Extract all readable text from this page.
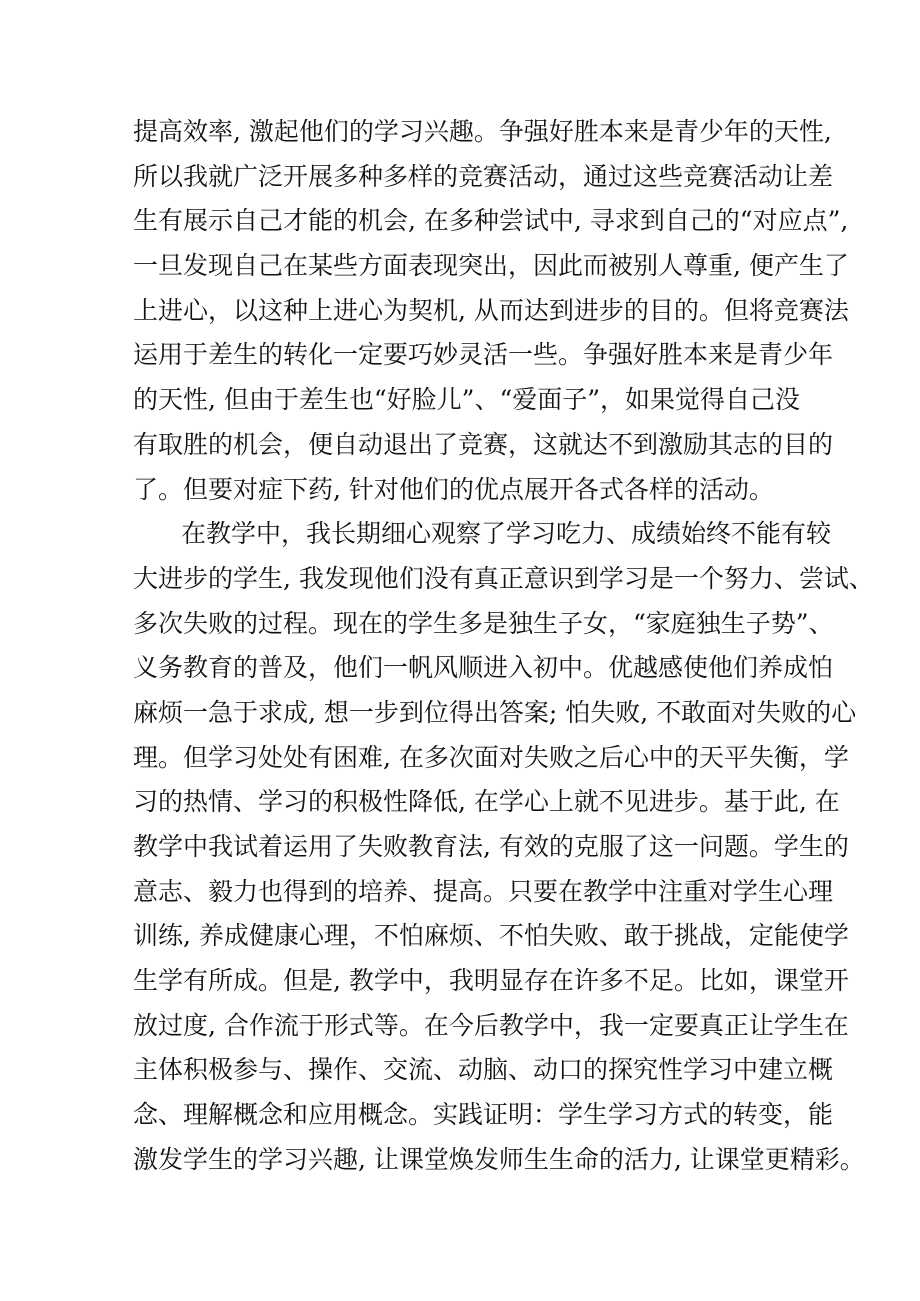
提高效率, 激起他们的学习兴趣。争强好胜本来是青少年的天性,
所以我就广泛开展多种多样的竞赛活动，通过这些竞赛活动让差
生有展示自己才能的机会, 在多种尝试中, 寻求到自己的“对应点”,
一旦发现自己在某些方面表现突出，因此而被别人尊重, 便产生了
上进心，以这种上进心为契机, 从而达到进步的目的。但将竞赛法
运用于差生的转化一定要巧妙灵活一些。争强好胜本来是青少年
的天性, 但由于差生也“好脸儿”、“爱面子”，如果觉得自己没
有取胜的机会，便自动退出了竞赛，这就达不到激励其志的目的
了。但要对症下药, 针对他们的优点展开各式各样的活动。
在教学中，我长期细心观察了学习吃力、成绩始终不能有较
大进步的学生, 我发现他们没有真正意识到学习是一个努力、尝试、
多次失败的过程。现在的学生多是独生子女，“家庭独生子势”、
义务教育的普及，他们一帆风顺进入初中。优越感使他们养成怕
麻烦一急于求成, 想一步到位得出答案; 怕失败, 不敢面对失败的心
理。但学习处处有困难, 在多次面对失败之后心中的天平失衡，学
习的热情、学习的积极性降低, 在学心上就不见进步。基于此, 在
教学中我试着运用了失败教育法, 有效的克服了这一问题。学生的
意志、毅力也得到的培养、提高。只要在教学中注重对学生心理
训练, 养成健康心理，不怕麻烦、不怕失败、敢于挑战，定能使学
生学有所成。但是, 教学中，我明显存在许多不足。比如，课堂开
放过度, 合作流于形式等。在今后教学中，我一定要真正让学生在
主体积极参与、操作、交流、动脑、动口的探究性学习中建立概
念、理解概念和应用概念。实践证明：学生学习方式的转变，能
激发学生的学习兴趣, 让课堂焕发师生生命的活力, 让课堂更精彩。
